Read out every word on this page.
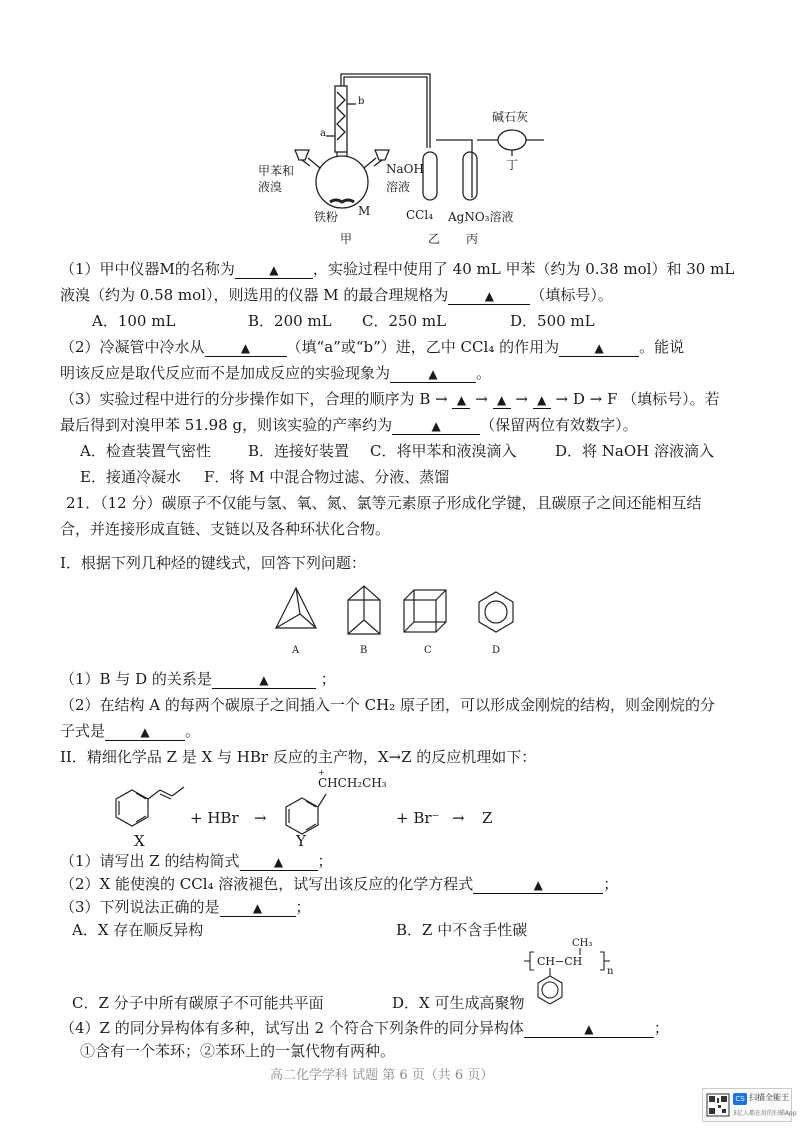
a
b
甲苯和
液溴
NaOH
溶液
M
铁粉	CCl₄ AgNO₃溶液
碱石灰
丁
甲	乙 丙
（1）甲中仪器M的名称为	▲ ，实验过程中使用了 40 mL 甲苯（约为 0.38 mol）和 30 mL
液溴（约为 0.58 mol），则选用的仪器 M 的最合理规格为	▲ （填标号）。
A．100 mL	B．200 mL C．250 mL	D．500 mL
（2）冷凝管中冷水从	▲ （填“a”或“b”）进，乙中 CCl₄ 的作用为	▲ 。能说
明该反应是取代反应而不是加成反应的实验现象为	▲	。
（3）实验过程中进行的分步操作如下，合理的顺序为 B → ▲ → ▲ → ▲ → D → F （填标号）。若
最后得到对溴甲苯 51.98 g，则该实验的产率约为	▲	（保留两位有效数字）。
A．检查装置气密性 B．连接好装置 C．将甲苯和液溴滴入	D．将 NaOH 溶液滴入
E．接通冷凝水 F．将 M 中混合物过滤、分液、蒸馏
21．（12 分）碳原子不仅能与氢、氧、氮、氯等元素原子形成化学键，且碳原子之间还能相互结
合，并连接形成直链、支链以及各种环状化合物。
I．根据下列几种烃的键线式，回答下列问题：
A	B	C	D
（1）B 与 D 的关系是	▲	；
（2）在结构 A 的每两个碳原子之间插入一个 CH₂ 原子团，可以形成金刚烷的结构，则金刚烷的分
子式是	▲ 。
II．精细化学品 Z 是 X 与 HBr 反应的主产物，X→Z 的反应机理如下：
+
CHCH₂CH₃
+ HBr →	+ Br⁻ → Z
X	Y
（1）请写出 Z 的结构简式	▲ ；
（2）X 能使溴的 CCl₄ 溶液褪色，试写出该反应的化学方程式	▲	；
（3）下列说法正确的是	▲ ；
A．X 存在顺反异构	B．Z 中不含手性碳
CH₃
CH−CH
n
C．Z 分子中所有碳原子不可能共平面	D．X 可生成高聚物
（4）Z 的同分异构体有多种，试写出 2 个符合下列条件的同分异构体	▲	；
①含有一个苯环；②苯环上的一氯代物有两种。
高二化学学科 试题 第 6 页（共 6 页）
CS 扫描全能王
3亿人都在用的扫描App
